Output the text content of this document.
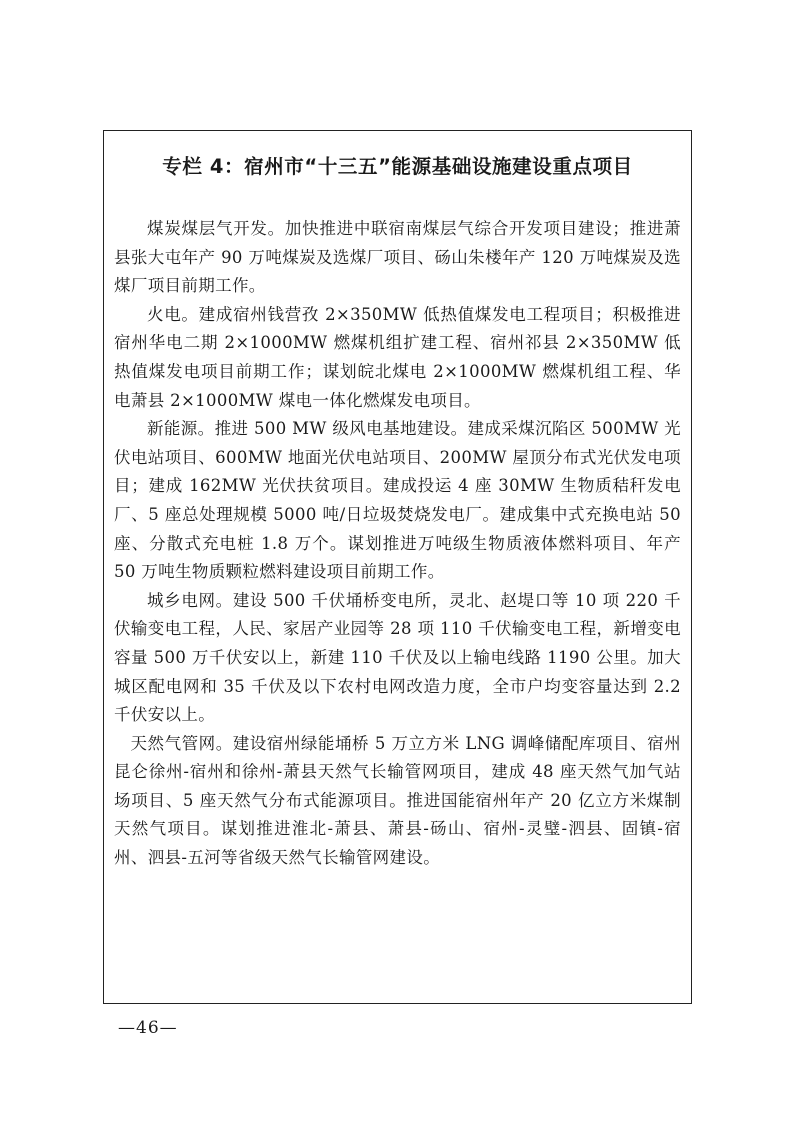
专栏 4：宿州市“十三五”能源基础设施建设重点项目

煤炭煤层气开发。加快推进中联宿南煤层气综合开发项目建设；推进萧县张大屯年产 90 万吨煤炭及选煤厂项目、砀山朱楼年产 120 万吨煤炭及选煤厂项目前期工作。

火电。建成宿州钱营孜 2×350MW 低热值煤发电工程项目；积极推进宿州华电二期 2×1000MW 燃煤机组扩建工程、宿州祁县 2×350MW 低热值煤发电项目前期工作；谋划皖北煤电 2×1000MW 燃煤机组工程、华电萧县 2×1000MW 煤电一体化燃煤发电项目。

新能源。推进 500 MW 级风电基地建设。建成采煤沉陷区 500MW 光伏电站项目、600MW 地面光伏电站项目、200MW 屋顶分布式光伏发电项目；建成 162MW 光伏扶贫项目。建成投运 4 座 30MW 生物质秸秆发电厂、5 座总处理规模 5000 吨/日垃圾焚烧发电厂。建成集中式充换电站 50 座、分散式充电桩 1.8 万个。谋划推进万吨级生物质液体燃料项目、年产 50 万吨生物质颗粒燃料建设项目前期工作。

城乡电网。建设 500 千伏埇桥变电所，灵北、赵堤口等 10 项 220 千伏输变电工程，人民、家居产业园等 28 项 110 千伏输变电工程，新增变电容量 500 万千伏安以上，新建 110 千伏及以上输电线路 1190 公里。加大城区配电网和 35 千伏及以下农村电网改造力度，全市户均变容量达到 2.2 千伏安以上。

天然气管网。建设宿州绿能埇桥 5 万立方米 LNG 调峰储配库项目、宿州昆仑徐州-宿州和徐州-萧县天然气长输管网项目，建成 48 座天然气加气站场项目、5 座天然气分布式能源项目。推进国能宿州年产 20 亿立方米煤制天然气项目。谋划推进淮北-萧县、萧县-砀山、宿州-灵璧-泗县、固镇-宿州、泗县-五河等省级天然气长输管网建设。

—46—
